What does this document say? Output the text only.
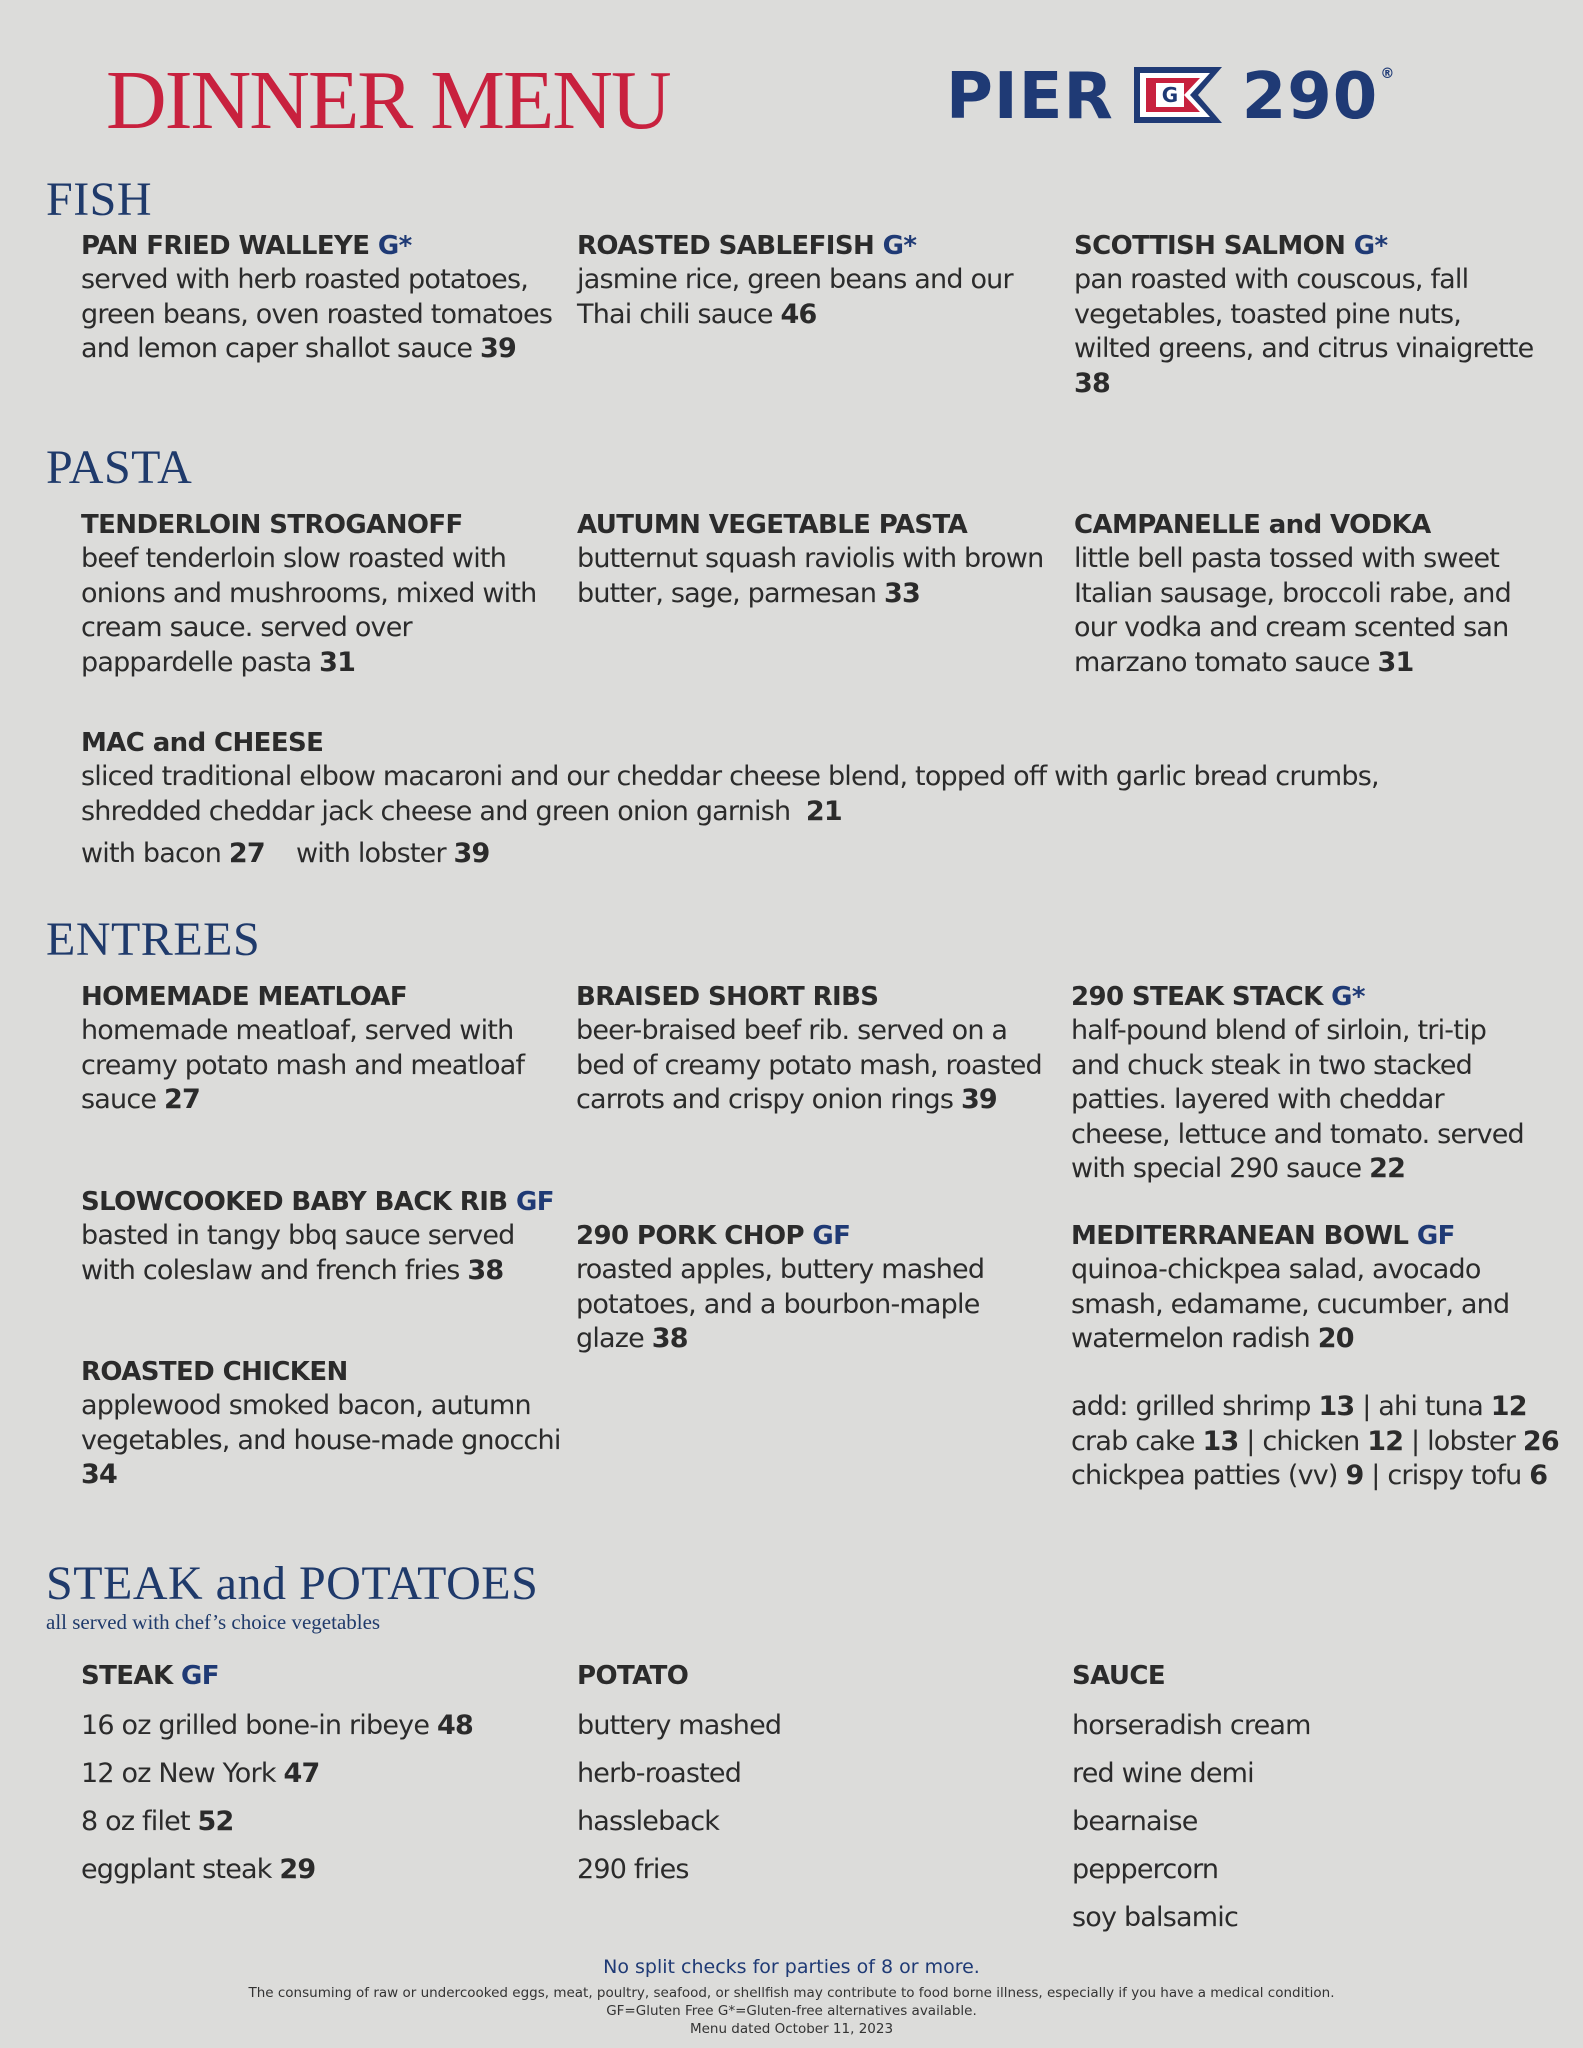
DINNER MENU	PIER G 290 ®
FISH
PAN FRIED WALLEYE G*
served with herb roasted potatoes, green beans, oven roasted tomatoes and lemon caper shallot sauce 39
ROASTED SABLEFISH G*
jasmine rice, green beans and our Thai chili sauce 46
SCOTTISH SALMON G*
pan roasted with couscous, fall vegetables, toasted pine nuts, wilted greens, and citrus vinaigrette 38
PASTA
TENDERLOIN STROGANOFF
beef tenderloin slow roasted with onions and mushrooms, mixed with cream sauce. served over pappardelle pasta 31
AUTUMN VEGETABLE PASTA
butternut squash raviolis with brown butter, sage, parmesan 33
CAMPANELLE and VODKA
little bell pasta tossed with sweet Italian sausage, broccoli rabe, and our vodka and cream scented san marzano tomato sauce 31
MAC and CHEESE
sliced traditional elbow macaroni and our cheddar cheese blend, topped off with garlic bread crumbs, shredded cheddar jack cheese and green onion garnish 21
with bacon 27 with lobster 39
ENTREES
HOMEMADE MEATLOAF
homemade meatloaf, served with creamy potato mash and meatloaf sauce 27
BRAISED SHORT RIBS
beer-braised beef rib. served on a bed of creamy potato mash, roasted carrots and crispy onion rings 39
290 STEAK STACK G*
half-pound blend of sirloin, tri-tip and chuck steak in two stacked patties. layered with cheddar cheese, lettuce and tomato. served with special 290 sauce 22
SLOWCOOKED BABY BACK RIB GF
basted in tangy bbq sauce served with coleslaw and french fries 38
290 PORK CHOP GF
roasted apples, buttery mashed potatoes, and a bourbon-maple glaze 38
MEDITERRANEAN BOWL GF
quinoa-chickpea salad, avocado smash, edamame, cucumber, and watermelon radish 20
ROASTED CHICKEN
applewood smoked bacon, autumn vegetables, and house-made gnocchi 34
add: grilled shrimp 13 | ahi tuna 12
crab cake 13 | chicken 12 | lobster 26
chickpea patties (vv) 9 | crispy tofu 6
STEAK and POTATOES
all served with chef’s choice vegetables
STEAK GF	POTATO	SAUCE
16 oz grilled bone-in ribeye 48
12 oz New York 47
8 oz filet 52
eggplant steak 29
buttery mashed
herb-roasted
hassleback
290 fries
horseradish cream
red wine demi
bearnaise
peppercorn
soy balsamic
No split checks for parties of 8 or more.
The consuming of raw or undercooked eggs, meat, poultry, seafood, or shellfish may contribute to food borne illness, especially if you have a medical condition.
GF=Gluten Free G*=Gluten-free alternatives available.
Menu dated October 11, 2023
